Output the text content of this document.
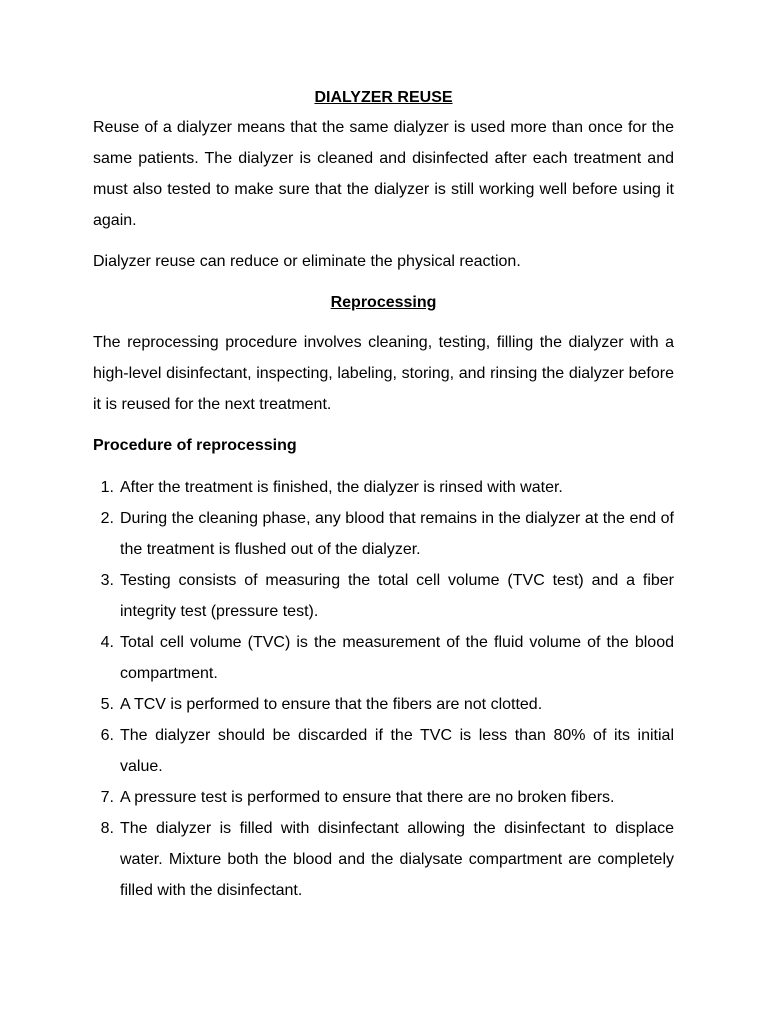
DIALYZER REUSE

Reuse of a dialyzer means that the same dialyzer is used more than once for the same patients. The dialyzer is cleaned and disinfected after each treatment and must also tested to make sure that the dialyzer is still working well before using it again.

Dialyzer reuse can reduce or eliminate the physical reaction.

Reprocessing

The reprocessing procedure involves cleaning, testing, filling the dialyzer with a high-level disinfectant, inspecting, labeling, storing, and rinsing the dialyzer before it is reused for the next treatment.

Procedure of reprocessing

1. After the treatment is finished, the dialyzer is rinsed with water.
2. During the cleaning phase, any blood that remains in the dialyzer at the end of the treatment is flushed out of the dialyzer.
3. Testing consists of measuring the total cell volume (TVC test) and a fiber integrity test (pressure test).
4. Total cell volume (TVC) is the measurement of the fluid volume of the blood compartment.
5. A TCV is performed to ensure that the fibers are not clotted.
6. The dialyzer should be discarded if the TVC is less than 80% of its initial value.
7. A pressure test is performed to ensure that there are no broken fibers.
8. The dialyzer is filled with disinfectant allowing the disinfectant to displace water. Mixture both the blood and the dialysate compartment are completely filled with the disinfectant.
